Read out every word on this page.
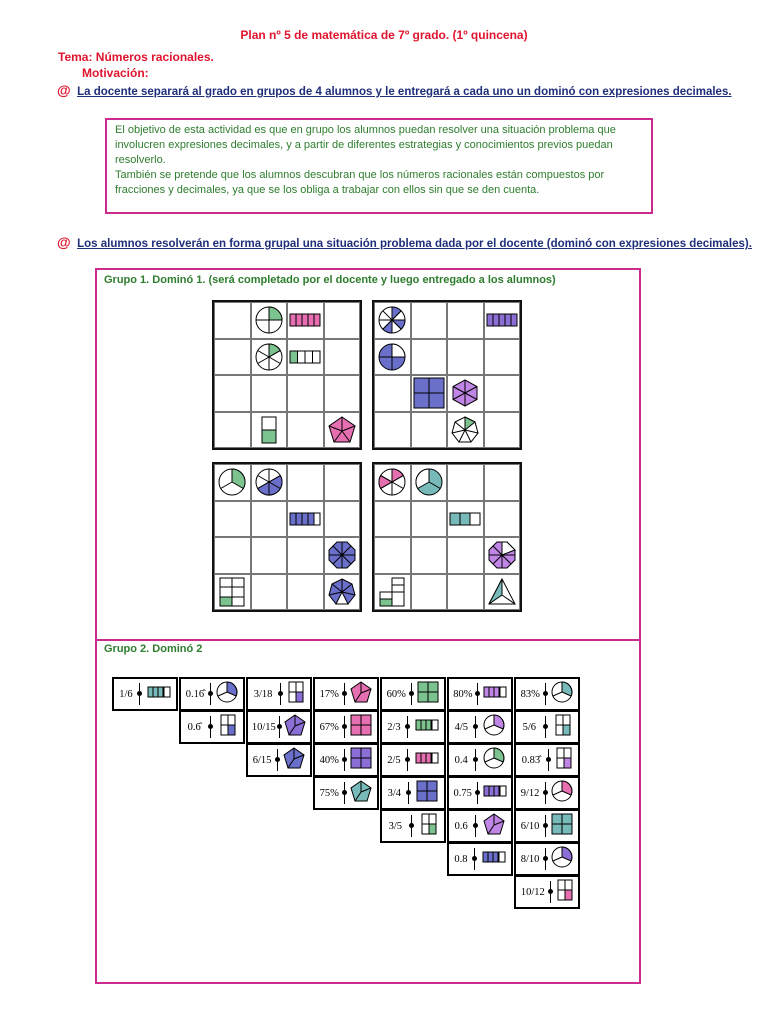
Plan nº 5 de matemática de 7º grado. (1º quincena)
Tema: Números racionales.
Motivación:
@ La docente separará al grado en grupos de 4 alumnos y le entregará a cada uno un dominó con expresiones decimales.
El objetivo de esta actividad es que en grupo los alumnos puedan resolver una situación problema que involucren expresiones decimales, y a partir de diferentes estrategias y conocimientos previos puedan resolverlo.
También se pretende que los alumnos descubran que los números racionales están compuestos por fracciones y decimales, ya que se los obliga a trabajar con ellos sin que se den cuenta.
@ Los alumnos resolverán en forma grupal una situación problema dada por el docente (dominó con expresiones decimales).
Grupo 1. Dominó 1. (será completado por el docente y luego entregado a los alumnos)
Grupo 2. Dominó 2
1/6	0.16̂	3/18	17%	60%	80%	83%
0.6̂	10/15	67%	2/3	4/5	5/6
6/15	40%	2/5	0.4	0.83̂
75%	3/4	0.75	9/12
3/5	0.6	6/10
0.8	8/10
10/12
